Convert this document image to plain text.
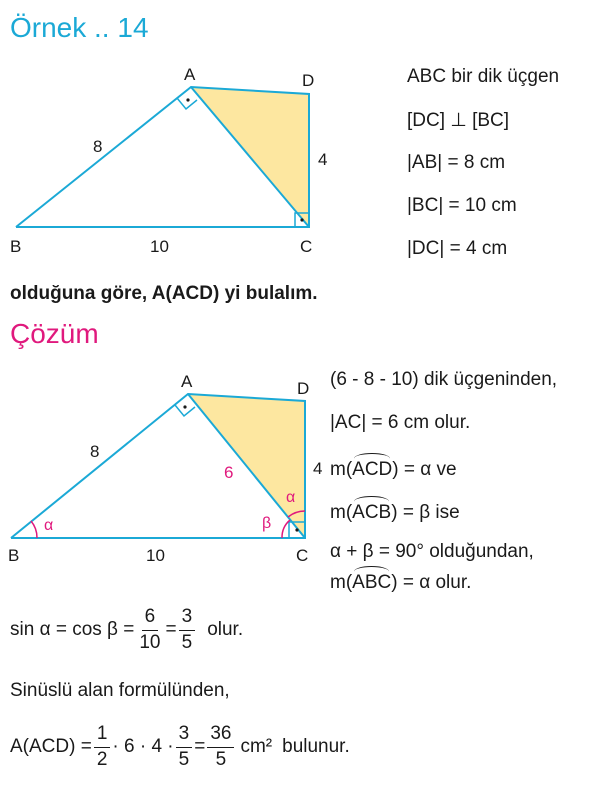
Örnek .. 14
A
B	C
D
8
10
4
ABC bir dik üçgen
[DC] ⊥ [BC]
|AB| = 8 cm
|BC| = 10 cm
|DC| = 4 cm
olduğuna göre, A(ACD) yi bulalım.
Çözüm
A
B	C
D
8
10
4
6
α	β
α
(6 - 8 - 10) dik üçgeninden,
|AC| = 6 cm olur.
m(ACD) = α ve
m(ACB) = β ise
α + β = 90° olduğundan,
m(ABC) = α olur.
$\sin \alpha = \cos \beta = \frac{6}{10} = \frac{3}{5}$ olur.
Sinüslü alan formülünden,
$A(ACD) = \frac{1}{2} \cdot 6 \cdot 4 \cdot \frac{3}{5} = \frac{36}{5} cm^2$ bulunur.
